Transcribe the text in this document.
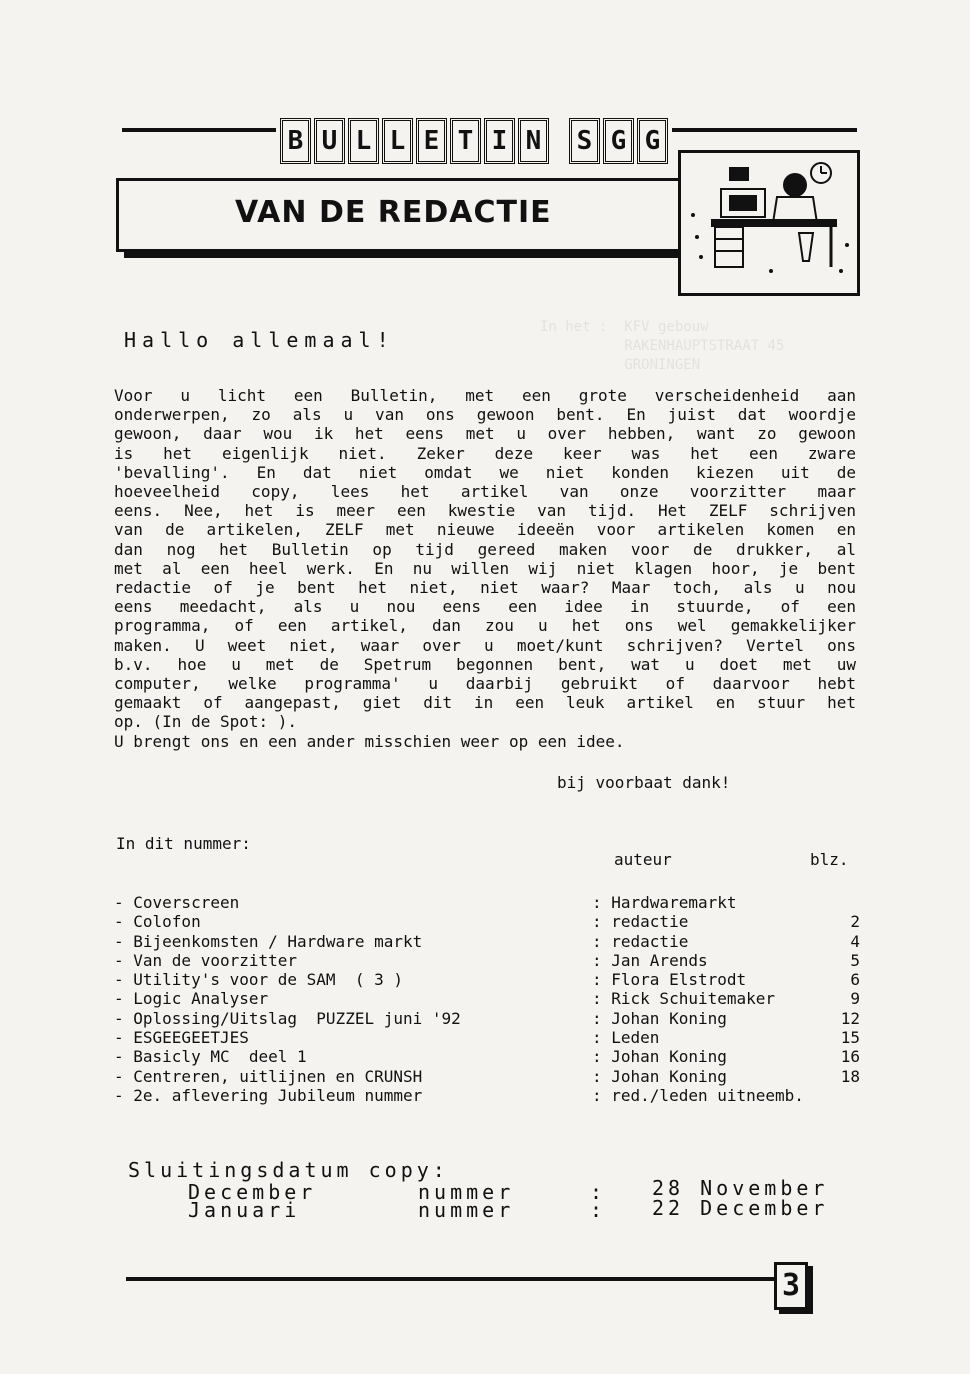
In het :  KFV gebouw
RAKENHAUPTSTRAAT 45
GRONINGEN
B U L L E T I N S G G
VAN DE REDACTIE
Hallo allemaal!

Voor u licht een Bulletin, met een grote verscheidenheid aan
onderwerpen, zo als u van ons gewoon bent. En juist dat woordje
gewoon, daar wou ik het eens met u over hebben, want zo gewoon
is het eigenlijk niet. Zeker deze keer was het een zware
'bevalling'. En dat niet omdat we niet konden kiezen uit de
hoeveelheid copy, lees het artikel van onze voorzitter maar
eens. Nee, het is meer een kwestie van tijd. Het ZELF schrijven
van de artikelen, ZELF met nieuwe ideeën voor artikelen komen en
dan nog het Bulletin op tijd gereed maken voor de drukker, al
met al een heel werk. En nu willen wij niet klagen hoor, je bent
redactie of je bent het niet, niet waar? Maar toch, als u nou
eens meedacht, als u nou eens een idee in stuurde, of een
programma, of een artikel, dan zou u het ons wel gemakkelijker
maken. U weet niet, waar over u moet/kunt schrijven? Vertel ons
b.v. hoe u met de Spetrum begonnen bent, wat u doet met uw
computer, welke programma' u daarbij gebruikt of daarvoor hebt
gemaakt of aangepast, giet dit in een leuk artikel en stuur het
op. (In de Spot: ).
U brengt ons en een ander misschien weer op een idee.

bij voorbaat dank!
In dit nummer:
auteur	blz.
- Coverscreen	: Hardwaremarkt
- Colofon	: redactie	2
- Bijeenkomsten / Hardware markt	: redactie	4
- Van de voorzitter	: Jan Arends	5
- Utility's voor de SAM  ( 3 )	: Flora Elstrodt	6
- Logic Analyser	: Rick Schuitemaker	9
- Oplossing/Uitslag  PUZZEL juni '92	: Johan Koning	12
- ESGEEGEETJES	: Leden	15
- Basicly MC  deel 1	: Johan Koning	16
- Centreren, uitlijnen en CRUNSH	: Johan Koning	18
- 2e. aflevering Jubileum nummer	: red./leden uitneemb.
Sluitingsdatum copy:
December	nummer	: 28 November
Januari	nummer	: 22 December
3
